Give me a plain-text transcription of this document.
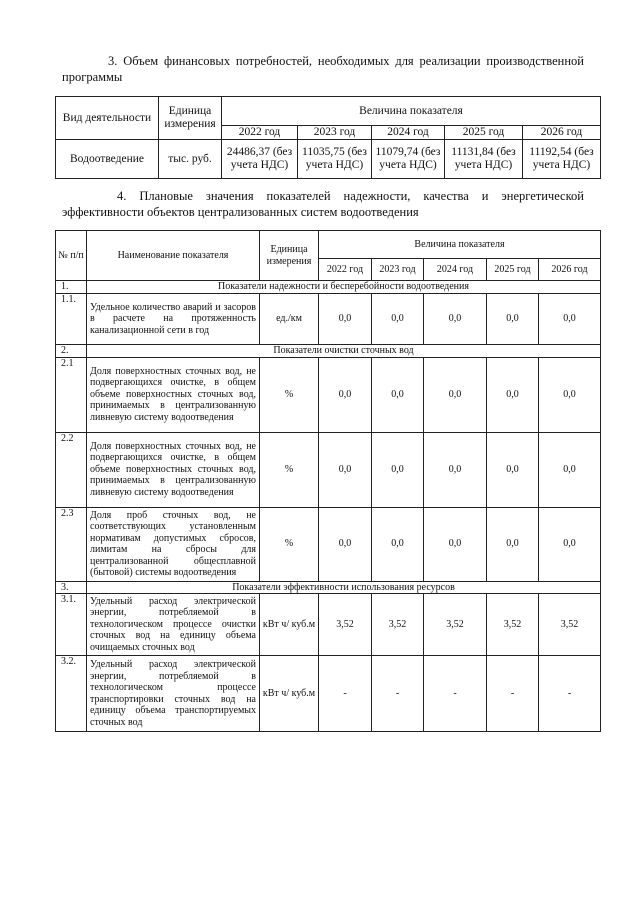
3. Объем финансовых потребностей, необходимых для реализации производственной программы
Вид деятельности	Единица измерения	Величина показателя				
		2022 год	2023 год	2024 год	2025 год	2026 год
Водоотведение	тыс. руб.	24486,37 (без учета НДС)	11035,75 (без учета НДС)	11079,74 (без учета НДС)	11131,84 (без учета НДС)	11192,54 (без учета НДС)
4. Плановые значения показателей надежности, качества и энергетической эффективности объектов централизованных систем водоотведения
№ п/п	Наименование показателя	Единица измерения	Величина показателя				
			2022 год	2023 год	2024 год	2025 год	2026 год
1.	Показатели надежности и бесперебойности водоотведения						
1.1.	Удельное количество аварий и засоров в расчете на протяженность канализационной сети в год	ед./км	0,0	0,0	0,0	0,0	0,0
2.	Показатели очистки сточных вод						
2.1	Доля поверхностных сточных вод, не подвергающихся очистке, в общем объеме поверхностных сточных вод, принимаемых в централизованную ливневую систему водоотведения	%	0,0	0,0	0,0	0,0	0,0
2.2	Доля поверхностных сточных вод, не подвергающихся очистке, в общем объеме поверхностных сточных вод, принимаемых в централизованную ливневую систему водоотведения	%	0,0	0,0	0,0	0,0	0,0
2.3	Доля проб сточных вод, не соответствующих установленным нормативам допустимых сбросов, лимитам на сбросы для централизованной общесплавной (бытовой) системы водоотведения	%	0,0	0,0	0,0	0,0	0,0
3.	Показатели эффективности использования ресурсов						
3.1.	Удельный расход электрической энергии, потребляемой в технологическом процессе очистки сточных вод на единицу объема очищаемых сточных вод	кВт ч/ куб.м	3,52	3,52	3,52	3,52	3,52
3.2.	Удельный расход электрической энергии, потребляемой в технологическом процессе транспортировки сточных вод на единицу объема транспортируемых сточных вод	кВт ч/ куб.м	-	-	-	-	-
